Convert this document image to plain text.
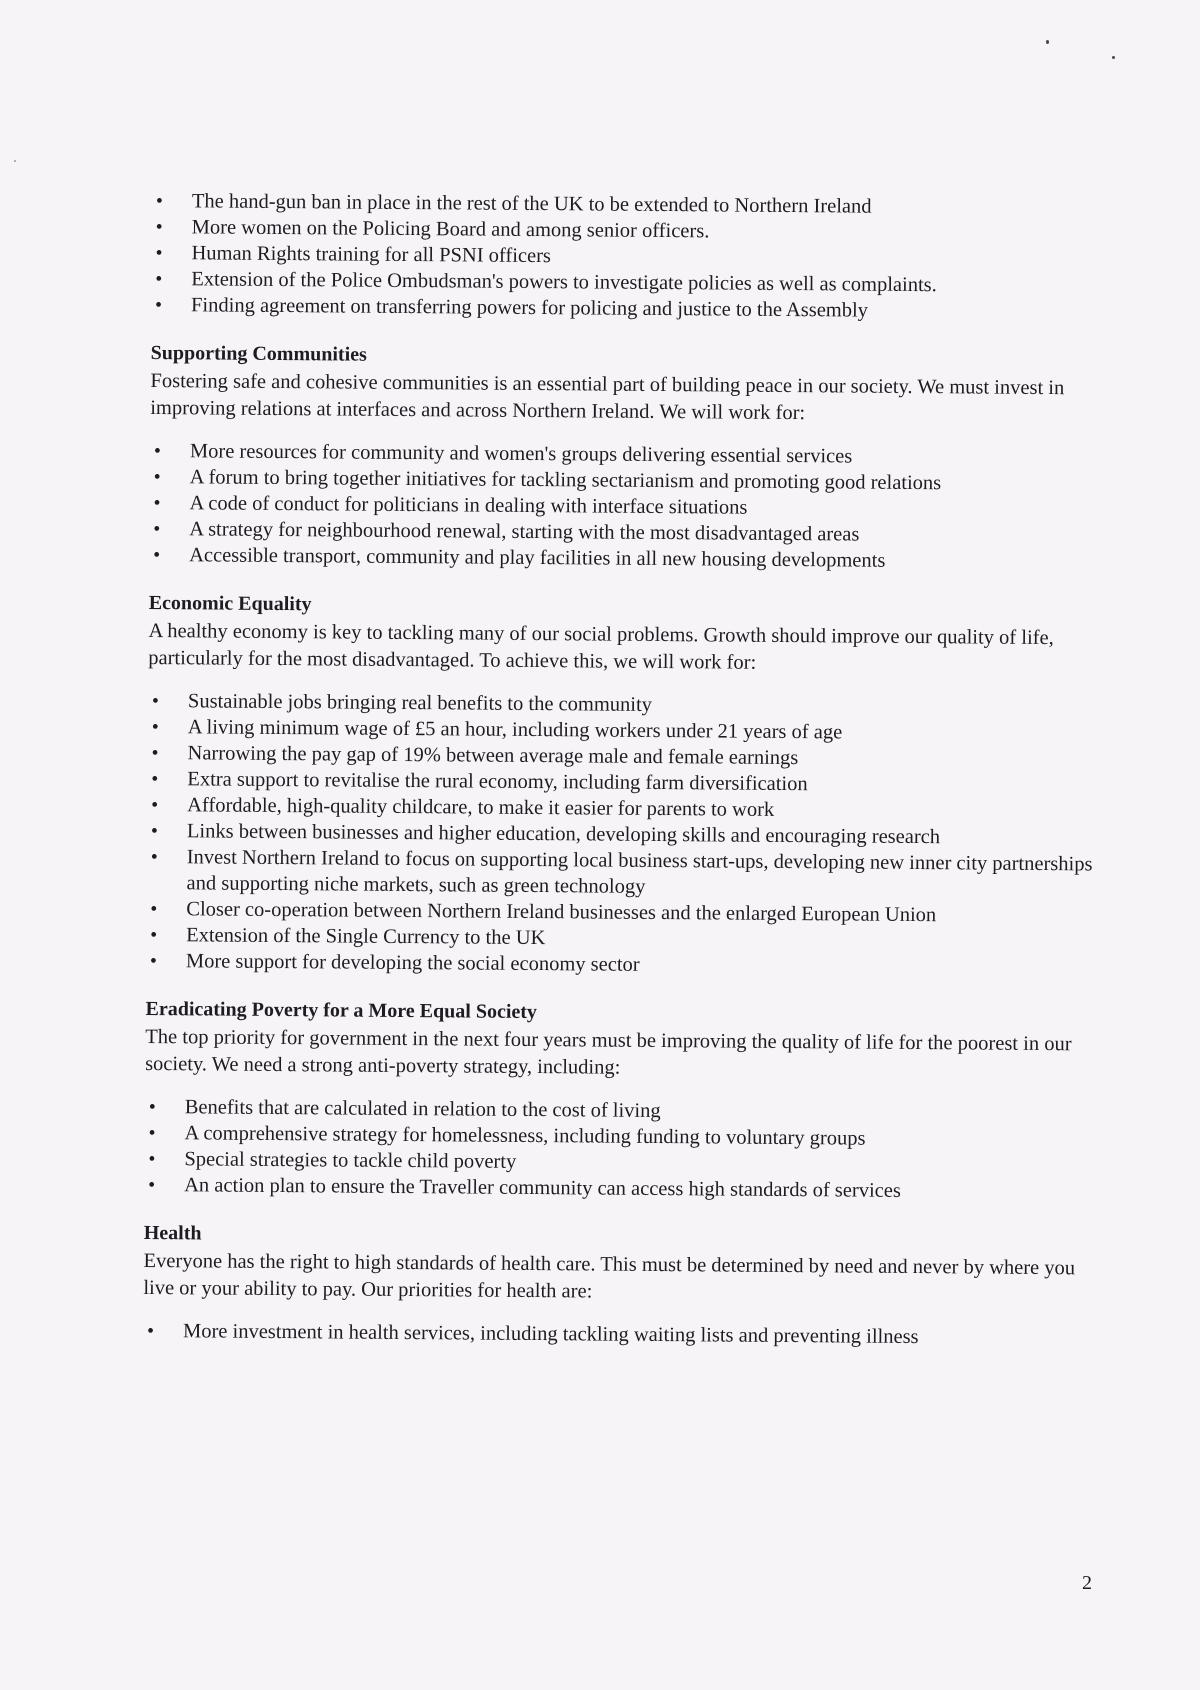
• The hand-gun ban in place in the rest of the UK to be extended to Northern Ireland
• More women on the Policing Board and among senior officers.
• Human Rights training for all PSNI officers
• Extension of the Police Ombudsman's powers to investigate policies as well as complaints.
• Finding agreement on transferring powers for policing and justice to the Assembly
Supporting Communities

Fostering safe and cohesive communities is an essential part of building peace in our society. We must invest in improving relations at interfaces and across Northern Ireland. We will work for:

• More resources for community and women's groups delivering essential services
• A forum to bring together initiatives for tackling sectarianism and promoting good relations
• A code of conduct for politicians in dealing with interface situations
• A strategy for neighbourhood renewal, starting with the most disadvantaged areas
• Accessible transport, community and play facilities in all new housing developments
Economic Equality

A healthy economy is key to tackling many of our social problems. Growth should improve our quality of life, particularly for the most disadvantaged. To achieve this, we will work for:

• Sustainable jobs bringing real benefits to the community
• A living minimum wage of £5 an hour, including workers under 21 years of age
• Narrowing the pay gap of 19% between average male and female earnings
• Extra support to revitalise the rural economy, including farm diversification
• Affordable, high-quality childcare, to make it easier for parents to work
• Links between businesses and higher education, developing skills and encouraging research
• Invest Northern Ireland to focus on supporting local business start-ups, developing new inner city partnerships and supporting niche markets, such as green technology
• Closer co-operation between Northern Ireland businesses and the enlarged European Union
• Extension of the Single Currency to the UK
• More support for developing the social economy sector
Eradicating Poverty for a More Equal Society

The top priority for government in the next four years must be improving the quality of life for the poorest in our society. We need a strong anti-poverty strategy, including:

• Benefits that are calculated in relation to the cost of living
• A comprehensive strategy for homelessness, including funding to voluntary groups
• Special strategies to tackle child poverty
• An action plan to ensure the Traveller community can access high standards of services
Health

Everyone has the right to high standards of health care. This must be determined by need and never by where you live or your ability to pay. Our priorities for health are:

• More investment in health services, including tackling waiting lists and preventing illness
2
